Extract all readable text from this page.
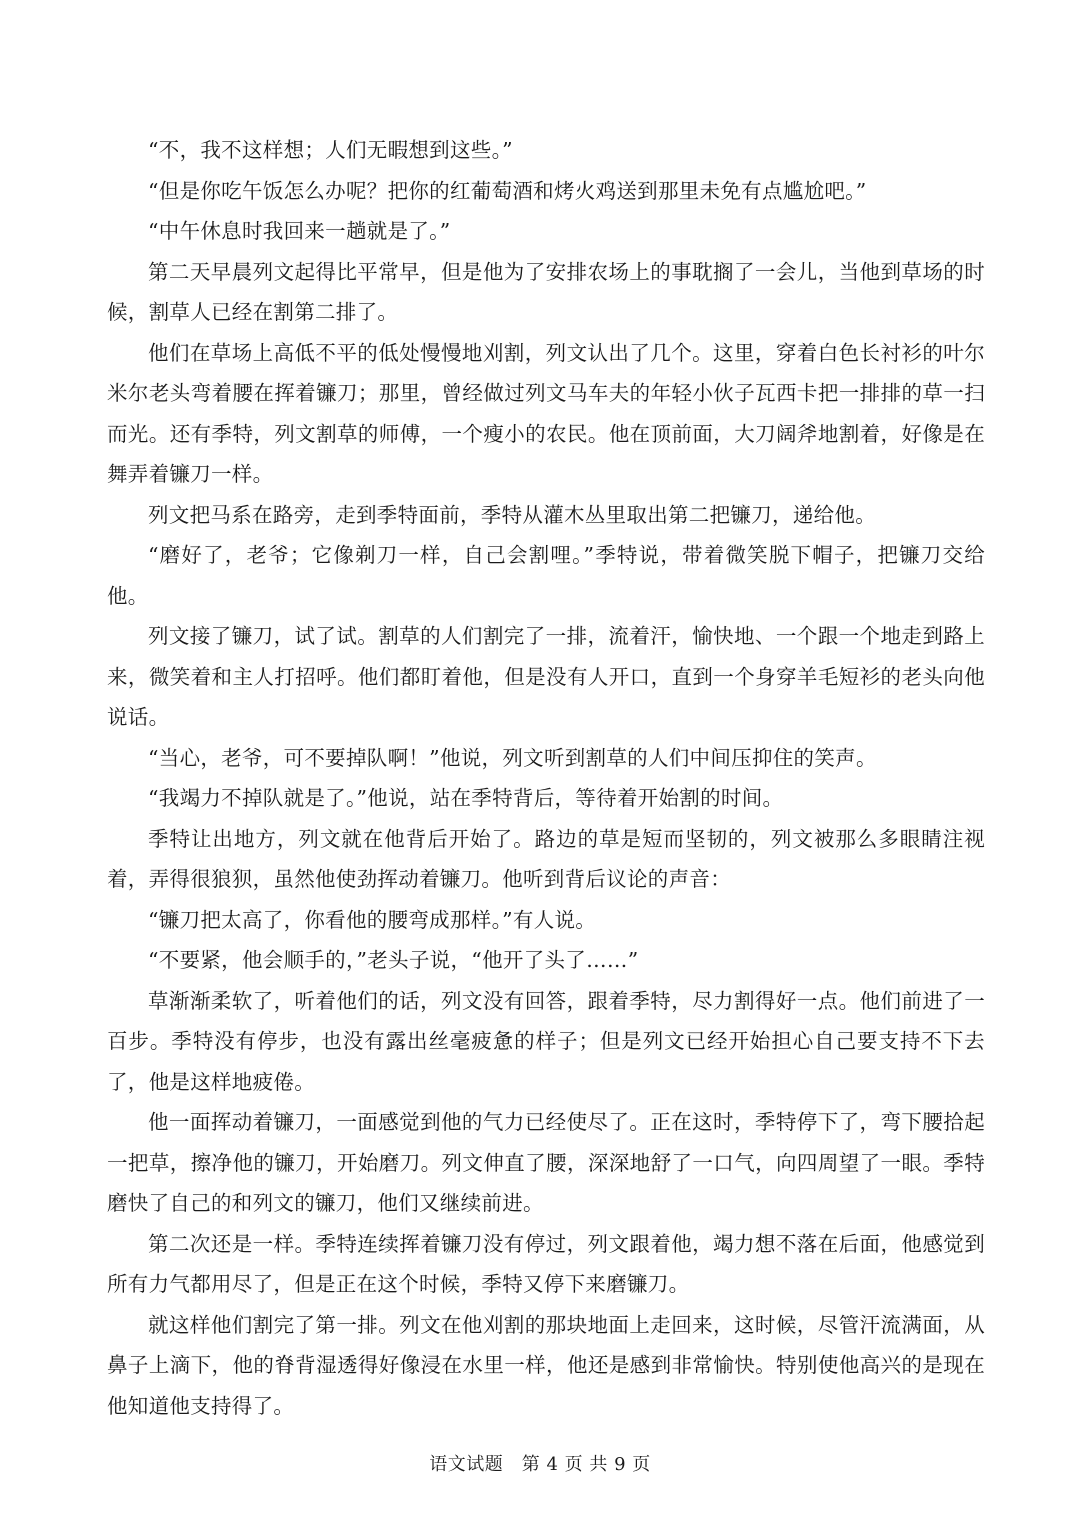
“不，我不这样想；人们无暇想到这些。”

“但是你吃午饭怎么办呢？把你的红葡萄酒和烤火鸡送到那里未免有点尴尬吧。”

“中午休息时我回来一趟就是了。”

第二天早晨列文起得比平常早，但是他为了安排农场上的事耽搁了一会儿，当他到草场的时候，割草人已经在割第二排了。

他们在草场上高低不平的低处慢慢地刈割，列文认出了几个。这里，穿着白色长衬衫的叶尔米尔老头弯着腰在挥着镰刀；那里，曾经做过列文马车夫的年轻小伙子瓦西卡把一排排的草一扫而光。还有季特，列文割草的师傅，一个瘦小的农民。他在顶前面，大刀阔斧地割着，好像是在舞弄着镰刀一样。

列文把马系在路旁，走到季特面前，季特从灌木丛里取出第二把镰刀，递给他。

“磨好了，老爷；它像剃刀一样，自己会割哩。”季特说，带着微笑脱下帽子，把镰刀交给他。

列文接了镰刀，试了试。割草的人们割完了一排，流着汗，愉快地、一个跟一个地走到路上来，微笑着和主人打招呼。他们都盯着他，但是没有人开口，直到一个身穿羊毛短衫的老头向他说话。

“当心，老爷，可不要掉队啊！”他说，列文听到割草的人们中间压抑住的笑声。

“我竭力不掉队就是了。”他说，站在季特背后，等待着开始割的时间。

季特让出地方，列文就在他背后开始了。路边的草是短而坚韧的，列文被那么多眼睛注视着，弄得很狼狈，虽然他使劲挥动着镰刀。他听到背后议论的声音：

“镰刀把太高了，你看他的腰弯成那样。”有人说。

“不要紧，他会顺手的，”老头子说，“他开了头了……”

草渐渐柔软了，听着他们的话，列文没有回答，跟着季特，尽力割得好一点。他们前进了一百步。季特没有停步，也没有露出丝毫疲惫的样子；但是列文已经开始担心自己要支持不下去了，他是这样地疲倦。

他一面挥动着镰刀，一面感觉到他的气力已经使尽了。正在这时，季特停下了，弯下腰拾起一把草，擦净他的镰刀，开始磨刀。列文伸直了腰，深深地舒了一口气，向四周望了一眼。季特磨快了自己的和列文的镰刀，他们又继续前进。

第二次还是一样。季特连续挥着镰刀没有停过，列文跟着他，竭力想不落在后面，他感觉到所有力气都用尽了，但是正在这个时候，季特又停下来磨镰刀。

就这样他们割完了第一排。列文在他刈割的那块地面上走回来，这时候，尽管汗流满面，从鼻子上滴下，他的脊背湿透得好像浸在水里一样，他还是感到非常愉快。特别使他高兴的是现在他知道他支持得了。

语文试题　第 4 页 共 9 页
